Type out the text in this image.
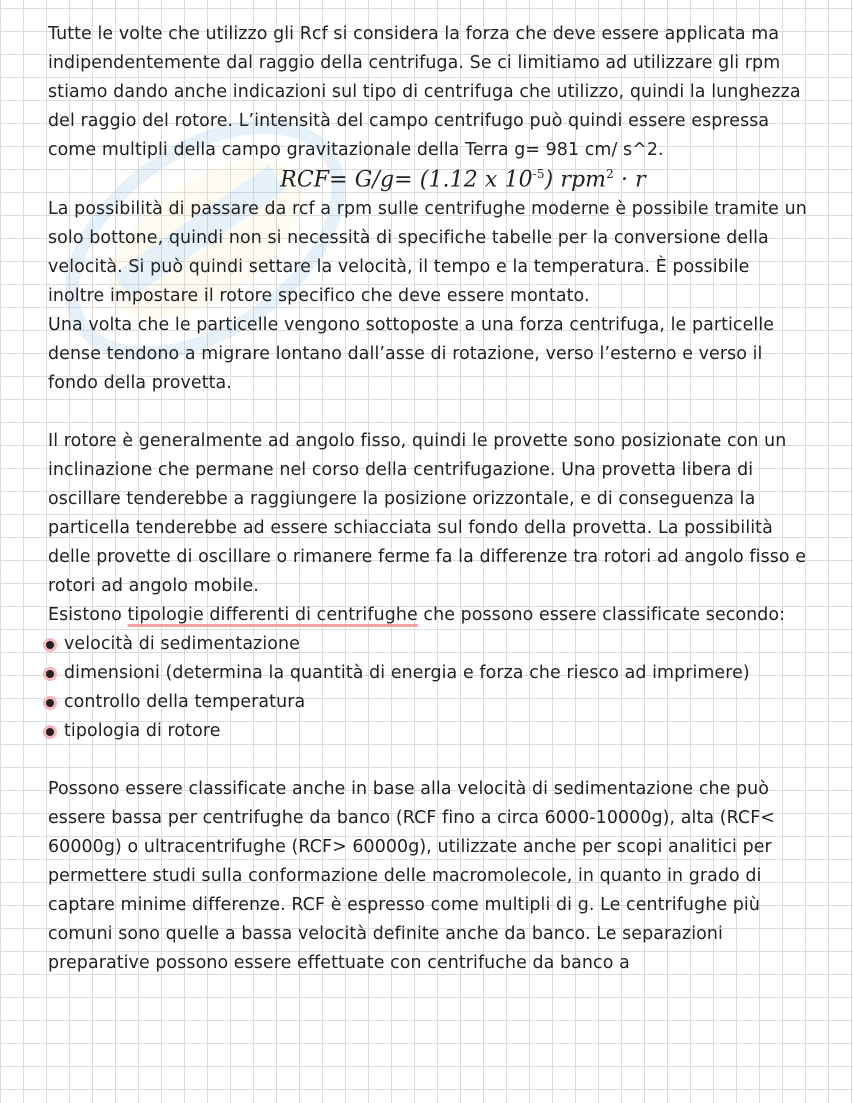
Tutte le volte che utilizzo gli Rcf si considera la forza che deve essere applicata ma indipendentemente dal raggio della centrifuga. Se ci limitiamo ad utilizzare gli rpm stiamo dando anche indicazioni sul tipo di centrifuga che utilizzo, quindi la lunghezza del raggio del rotore. L’intensità del campo centrifugo può quindi essere espressa come multipli della campo gravitazionale della Terra g= 981 cm/ s^2.

RCF= G/g= (1.12 x $10^{-5}$) rpm$^2$ · r

La possibilità di passare da rcf a rpm sulle centrifughe moderne è possibile tramite un solo bottone, quindi non si necessità di specifiche tabelle per la conversione della velocità. Si può quindi settare la velocità, il tempo e la temperatura. È possibile inoltre impostare il rotore specifico che deve essere montato.

Una volta che le particelle vengono sottoposte a una forza centrifuga, le particelle dense tendono a migrare lontano dall’asse di rotazione, verso l’esterno e verso il fondo della provetta.

Il rotore è generalmente ad angolo fisso, quindi le provette sono posizionate con un inclinazione che permane nel corso della centrifugazione. Una provetta libera di oscillare tenderebbe a raggiungere la posizione orizzontale, e di conseguenza la particella tenderebbe ad essere schiacciata sul fondo della provetta. La possibilità delle provette di oscillare o rimanere ferme fa la differenze tra rotori ad angolo fisso e rotori ad angolo mobile.

Esistono tipologie differenti di centrifughe che possono essere classificate secondo:

velocità di sedimentazione
dimensioni (determina la quantità di energia e forza che riesco ad imprimere)
controllo della temperatura
tipologia di rotore

Possono essere classificate anche in base alla velocità di sedimentazione che può essere bassa per centrifughe da banco (RCF fino a circa 6000-10000g), alta (RCF< 60000g) o ultracentrifughe (RCF> 60000g), utilizzate anche per scopi analitici per permettere studi sulla conformazione delle macromolecole, in quanto in grado di captare minime differenze. RCF è espresso come multipli di g. Le centrifughe più comuni sono quelle a bassa velocità definite anche da banco. Le separazioni preparative possono essere effettuate con centrifuche da banco a
